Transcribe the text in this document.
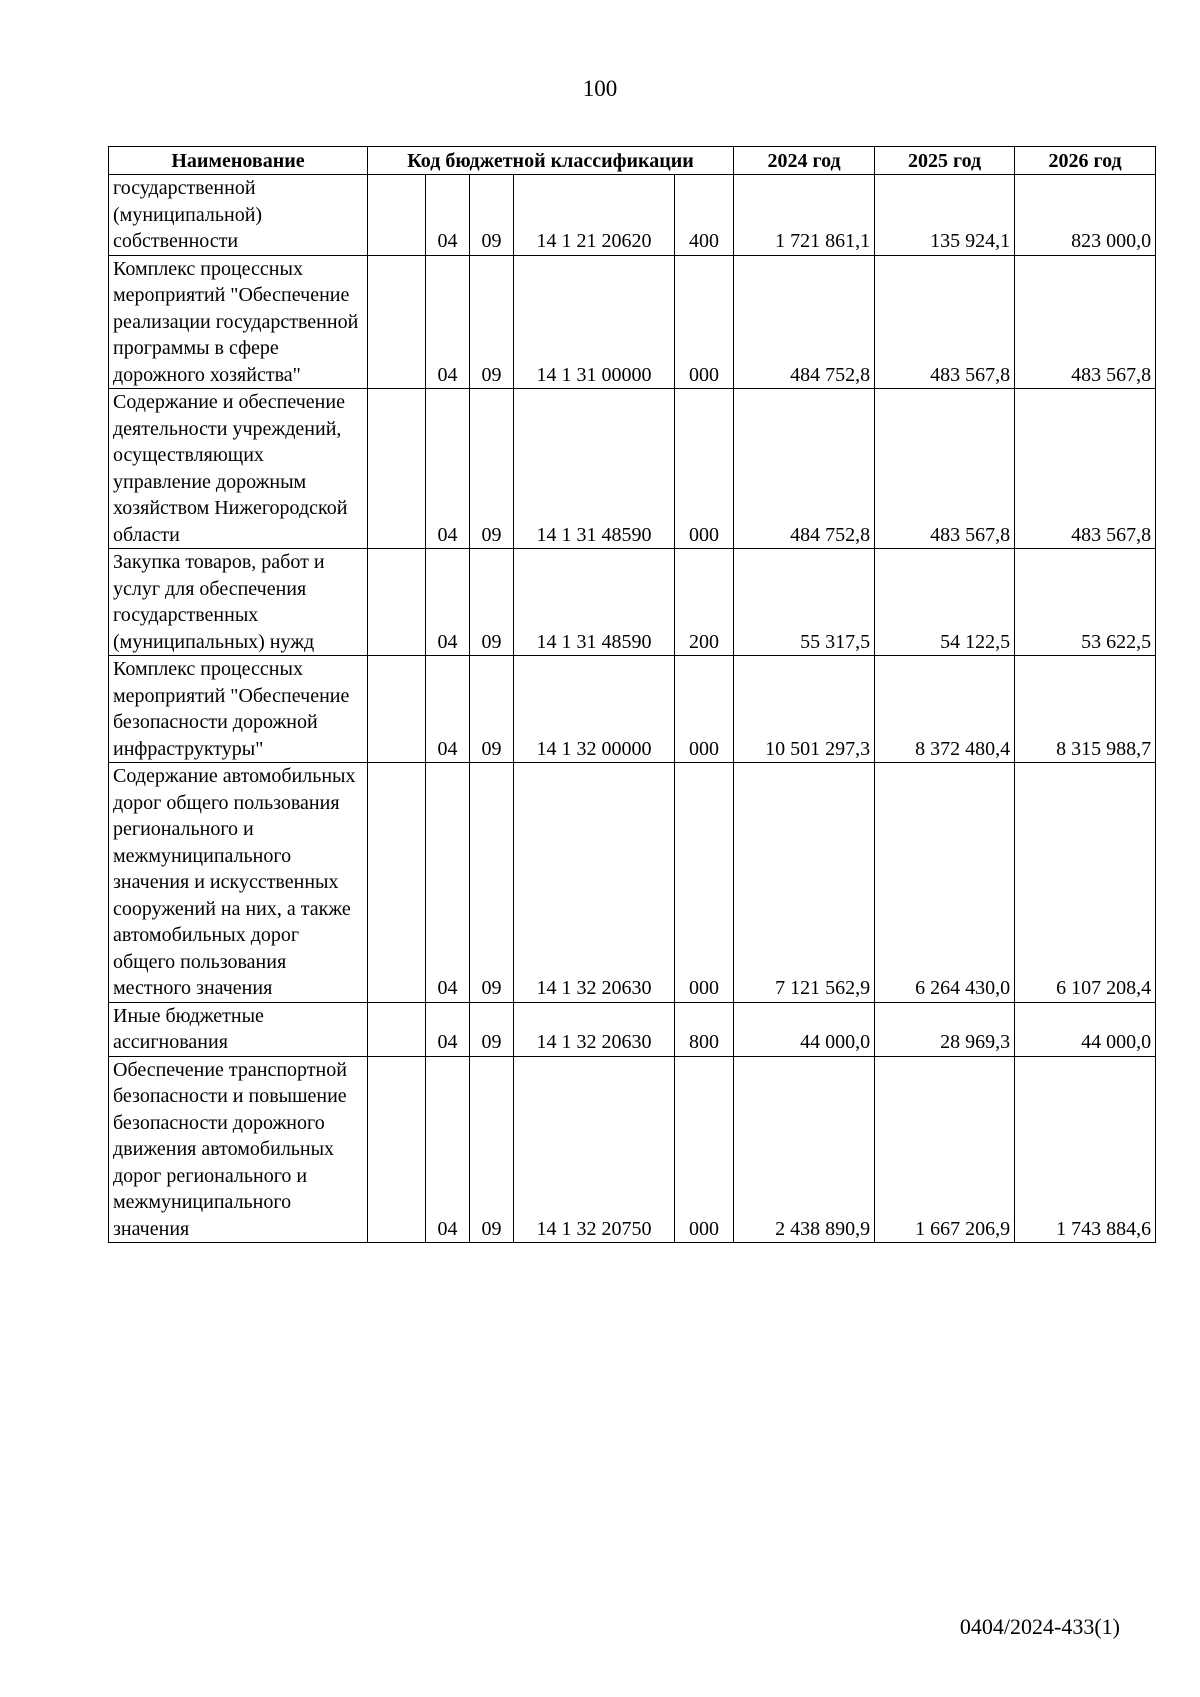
100
Наименование	Код бюджетной классификации					2024 год	2025 год	2026 год
государственной (муниципальной) собственности		04	09	14 1 21 20620	400	1 721 861,1	135 924,1	823 000,0
Комплекс процессных мероприятий "Обеспечение реализации государственной программы в сфере дорожного хозяйства"		04	09	14 1 31 00000	000	484 752,8	483 567,8	483 567,8
Содержание и обеспечение деятельности учреждений, осуществляющих управление дорожным хозяйством Нижегородской области		04	09	14 1 31 48590	000	484 752,8	483 567,8	483 567,8
Закупка товаров, работ и услуг для обеспечения государственных (муниципальных) нужд		04	09	14 1 31 48590	200	55 317,5	54 122,5	53 622,5
Комплекс процессных мероприятий "Обеспечение безопасности дорожной инфраструктуры"		04	09	14 1 32 00000	000	10 501 297,3	8 372 480,4	8 315 988,7
Содержание автомобильных дорог общего пользования регионального и межмуниципального значения и искусственных сооружений на них, а также автомобильных дорог общего пользования местного значения		04	09	14 1 32 20630	000	7 121 562,9	6 264 430,0	6 107 208,4
Иные бюджетные ассигнования		04	09	14 1 32 20630	800	44 000,0	28 969,3	44 000,0
Обеспечение транспортной безопасности и повышение безопасности дорожного движения автомобильных дорог регионального и межмуниципального значения		04	09	14 1 32 20750	000	2 438 890,9	1 667 206,9	1 743 884,6
0404/2024-433(1)
